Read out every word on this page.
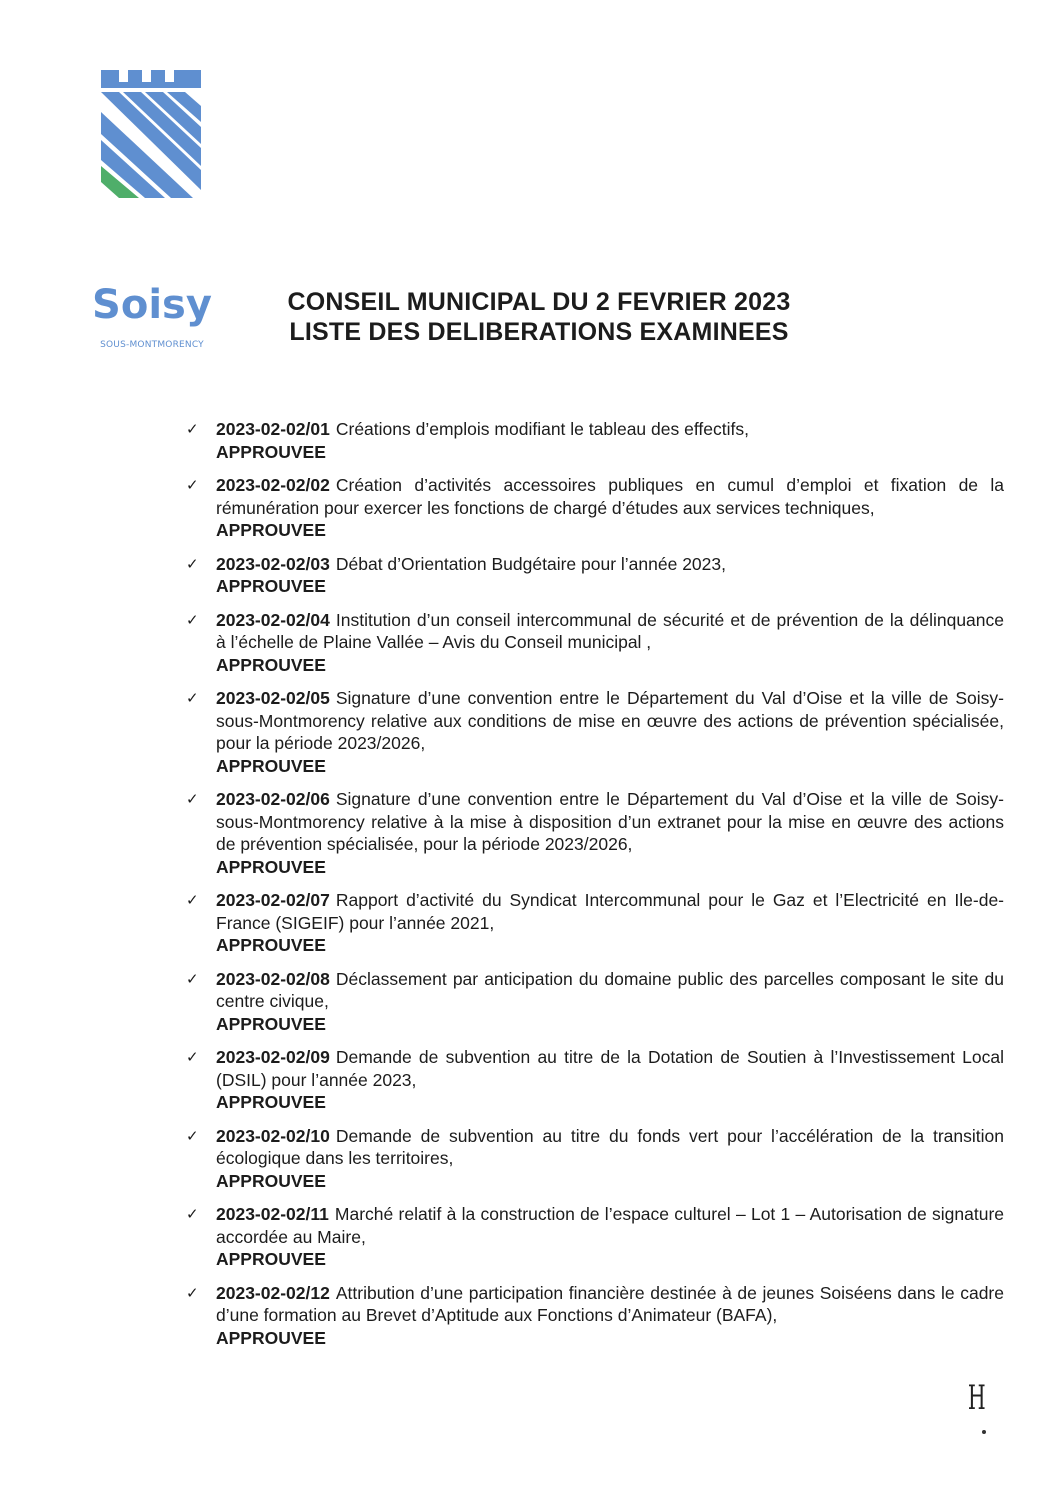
Soisy
SOUS-MONTMORENCY
CONSEIL MUNICIPAL DU 2 FEVRIER 2023
LISTE DES DELIBERATIONS EXAMINEES
✓ 2023-02-02/01 Créations d’emplois modifiant le tableau des effectifs,
APPROUVEE
✓ 2023-02-02/02 Création d’activités accessoires publiques en cumul d’emploi et fixation de la rémunération pour exercer les fonctions de chargé d’études aux services techniques,
APPROUVEE
✓ 2023-02-02/03 Débat d’Orientation Budgétaire pour l’année 2023,
APPROUVEE
✓ 2023-02-02/04 Institution d’un conseil intercommunal de sécurité et de prévention de la délinquance à l’échelle de Plaine Vallée – Avis du Conseil municipal ,
APPROUVEE
✓ 2023-02-02/05 Signature d’une convention entre le Département du Val d’Oise et la ville de Soisy-sous-Montmorency relative aux conditions de mise en œuvre des actions de prévention spécialisée, pour la période 2023/2026,
APPROUVEE
✓ 2023-02-02/06 Signature d’une convention entre le Département du Val d’Oise et la ville de Soisy-sous-Montmorency relative à la mise à disposition d’un extranet pour la mise en œuvre des actions de prévention spécialisée, pour la période 2023/2026,
APPROUVEE
✓ 2023-02-02/07 Rapport d’activité du Syndicat Intercommunal pour le Gaz et l’Electricité en Ile-de-France (SIGEIF) pour l’année 2021,
APPROUVEE
✓ 2023-02-02/08 Déclassement par anticipation du domaine public des parcelles composant le site du centre civique,
APPROUVEE
✓ 2023-02-02/09 Demande de subvention au titre de la Dotation de Soutien à l’Investissement Local (DSIL) pour l’année 2023,
APPROUVEE
✓ 2023-02-02/10 Demande de subvention au titre du fonds vert pour l’accélération de la transition écologique dans les territoires,
APPROUVEE
✓ 2023-02-02/11 Marché relatif à la construction de l’espace culturel – Lot 1 – Autorisation de signature accordée au Maire,
APPROUVEE
✓ 2023-02-02/12 Attribution d’une participation financière destinée à de jeunes Soiséens dans le cadre d’une formation au Brevet d’Aptitude aux Fonctions d’Animateur (BAFA),
APPROUVEE
H
